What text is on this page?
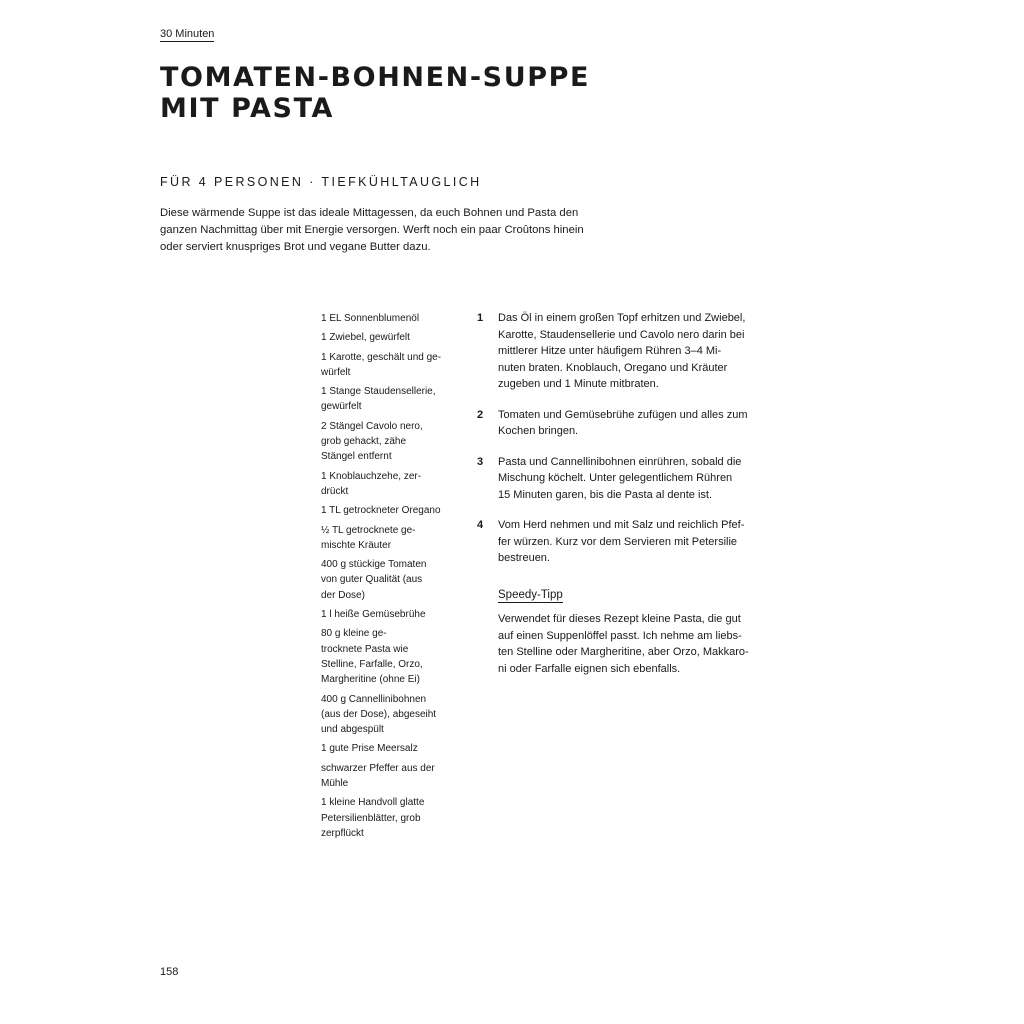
30 Minuten
TOMATEN-BOHNEN-SUPPE
MIT PASTA
FÜR 4 PERSONEN · TIEFKÜHLTAUGLICH
Diese wärmende Suppe ist das ideale Mittagessen, da euch Bohnen und Pasta den
ganzen Nachmittag über mit Energie versorgen. Werft noch ein paar Croûtons hinein
oder serviert knuspriges Brot und vegane Butter dazu.
1 EL Sonnenblumenöl
1 Zwiebel, gewürfelt
1 Karotte, geschält und ge-
würfelt
1 Stange Staudensellerie,
gewürfelt
2 Stängel Cavolo nero,
grob gehackt, zähe
Stängel entfernt
1 Knoblauchzehe, zer-
drückt
1 TL getrockneter Oregano
½ TL getrocknete ge-
mischte Kräuter
400 g stückige Tomaten
von guter Qualität (aus
der Dose)
1 l heiße Gemüsebrühe
80 g kleine ge-
trocknete Pasta wie
Stelline, Farfalle, Orzo,
Margheritine (ohne Ei)
400 g Cannellinibohnen
(aus der Dose), abgeseiht
und abgespült
1 gute Prise Meersalz
schwarzer Pfeffer aus der
Mühle
1 kleine Handvoll glatte
Petersilienblätter, grob
zerpflückt
1 Das Öl in einem großen Topf erhitzen und Zwiebel,
Karotte, Staudensellerie und Cavolo nero darin bei
mittlerer Hitze unter häufigem Rühren 3–4 Mi-
nuten braten. Knoblauch, Oregano und Kräuter
zugeben und 1 Minute mitbraten.
2 Tomaten und Gemüsebrühe zufügen und alles zum
Kochen bringen.
3 Pasta und Cannellinibohnen einrühren, sobald die
Mischung köchelt. Unter gelegentlichem Rühren
15 Minuten garen, bis die Pasta al dente ist.
4 Vom Herd nehmen und mit Salz und reichlich Pfef-
fer würzen. Kurz vor dem Servieren mit Petersilie
bestreuen.
Speedy-Tipp
Verwendet für dieses Rezept kleine Pasta, die gut
auf einen Suppenlöffel passt. Ich nehme am liebs-
ten Stelline oder Margheritine, aber Orzo, Makkaro-
ni oder Farfalle eignen sich ebenfalls.
158
